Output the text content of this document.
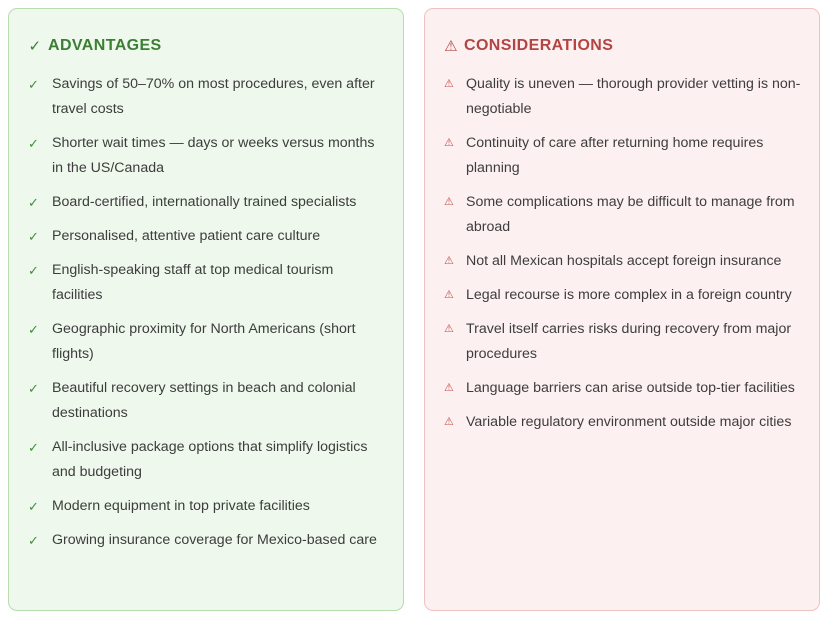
✓ ADVANTAGES
✓ Savings of 50–70% on most procedures, even after travel costs
✓ Shorter wait times — days or weeks versus months in the US/Canada
✓ Board-certified, internationally trained specialists
✓ Personalised, attentive patient care culture
✓ English-speaking staff at top medical tourism facilities
✓ Geographic proximity for North Americans (short flights)
✓ Beautiful recovery settings in beach and colonial destinations
✓ All-inclusive package options that simplify logistics and budgeting
✓ Modern equipment in top private facilities
✓ Growing insurance coverage for Mexico-based care
⚠ CONSIDERATIONS
⚠ Quality is uneven — thorough provider vetting is non-negotiable
⚠ Continuity of care after returning home requires planning
⚠ Some complications may be difficult to manage from abroad
⚠ Not all Mexican hospitals accept foreign insurance
⚠ Legal recourse is more complex in a foreign country
⚠ Travel itself carries risks during recovery from major procedures
⚠ Language barriers can arise outside top-tier facilities
⚠ Variable regulatory environment outside major cities
